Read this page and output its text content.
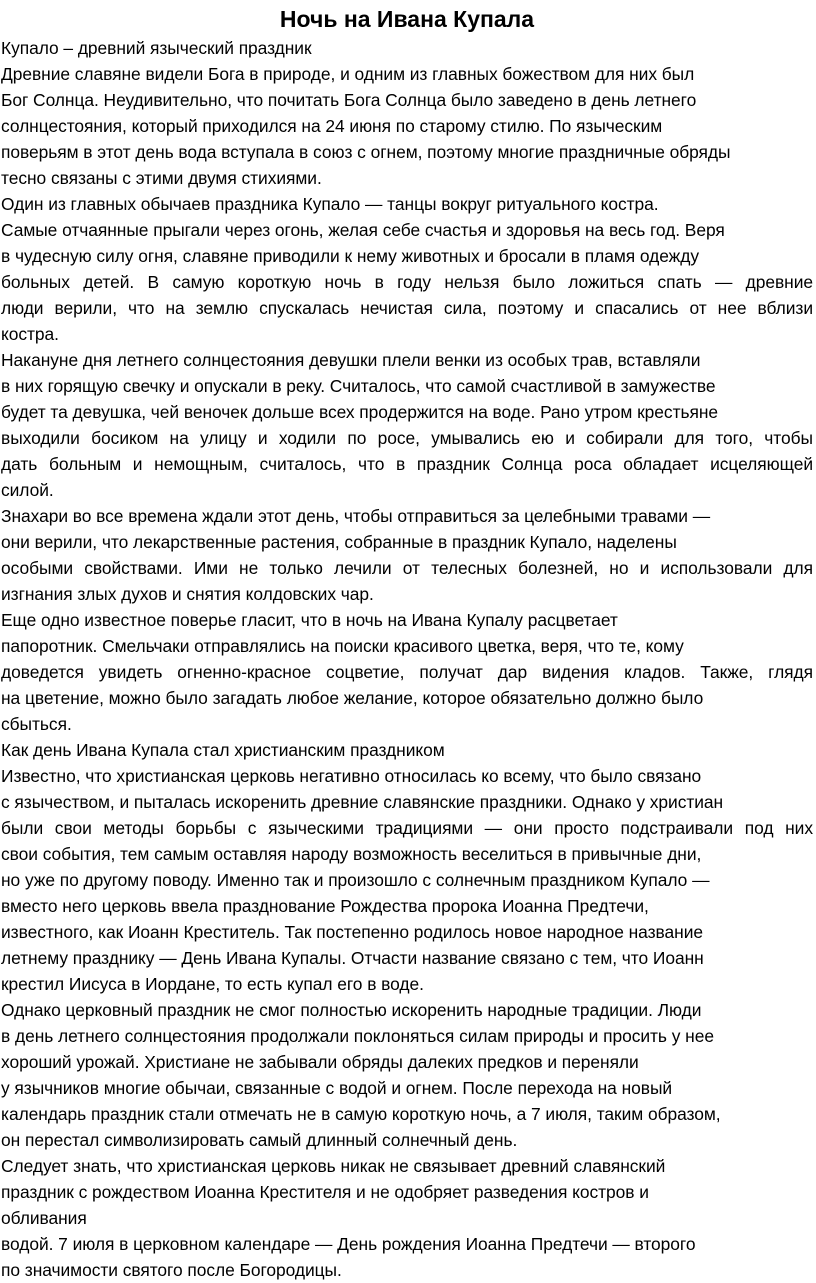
Ночь на Ивана Купала
Купало – древний языческий праздник
Древние славяне видели Бога в природе, и одним из главных божеством для них был
Бог Солнца. Неудивительно, что почитать Бога Солнца было заведено в день летнего
солнцестояния, который приходился на 24 июня по старому стилю. По языческим
поверьям в этот день вода вступала в союз с огнем, поэтому многие праздничные обряды
тесно связаны с этими двумя стихиями.
Один из главных обычаев праздника Купало — танцы вокруг ритуального костра.
Самые отчаянные прыгали через огонь, желая себе счастья и здоровья на весь год. Веря
в чудесную силу огня, славяне приводили к нему животных и бросали в пламя одежду
больных детей. В самую короткую ночь в году нельзя было ложиться спать — древние
люди верили, что на землю спускалась нечистая сила, поэтому и спасались от нее вблизи
костра.
Накануне дня летнего солнцестояния девушки плели венки из особых трав, вставляли
в них горящую свечку и опускали в реку. Считалось, что самой счастливой в замужестве
будет та девушка, чей веночек дольше всех продержится на воде. Рано утром крестьяне
выходили босиком на улицу и ходили по росе, умывались ею и собирали для того, чтобы
дать больным и немощным, считалось, что в праздник Солнца роса обладает исцеляющей
силой.
Знахари во все времена ждали этот день, чтобы отправиться за целебными травами —
они верили, что лекарственные растения, собранные в праздник Купало, наделены
особыми свойствами. Ими не только лечили от телесных болезней, но и использовали для
изгнания злых духов и снятия колдовских чар.
Еще одно известное поверье гласит, что в ночь на Ивана Купалу расцветает
папоротник. Смельчаки отправлялись на поиски красивого цветка, веря, что те, кому
доведется увидеть огненно-красное соцветие, получат дар видения кладов. Также, глядя
на цветение, можно было загадать любое желание, которое обязательно должно было
сбыться.
Как день Ивана Купала стал христианским праздником
Известно, что христианская церковь негативно относилась ко всему, что было связано
с язычеством, и пыталась искоренить древние славянские праздники. Однако у христиан
были свои методы борьбы с языческими традициями — они просто подстраивали под них
свои события, тем самым оставляя народу возможность веселиться в привычные дни,
но уже по другому поводу. Именно так и произошло с солнечным праздником Купало —
вместо него церковь ввела празднование Рождества пророка Иоанна Предтечи,
известного, как Иоанн Креститель. Так постепенно родилось новое народное название
летнему празднику — День Ивана Купалы. Отчасти название связано с тем, что Иоанн
крестил Иисуса в Иордане, то есть купал его в воде.
Однако церковный праздник не смог полностью искоренить народные традиции. Люди
в день летнего солнцестояния продолжали поклоняться силам природы и просить у нее
хороший урожай. Христиане не забывали обряды далеких предков и переняли
у язычников многие обычаи, связанные с водой и огнем. После перехода на новый
календарь праздник стали отмечать не в самую короткую ночь, а 7 июля, таким образом,
он перестал символизировать самый длинный солнечный день.
Следует знать, что христианская церковь никак не связывает древний славянский
праздник с рождеством Иоанна Крестителя и не одобряет разведения костров и
обливания
водой. 7 июля в церковном календаре — День рождения Иоанна Предтечи — второго
по значимости святого после Богородицы.
